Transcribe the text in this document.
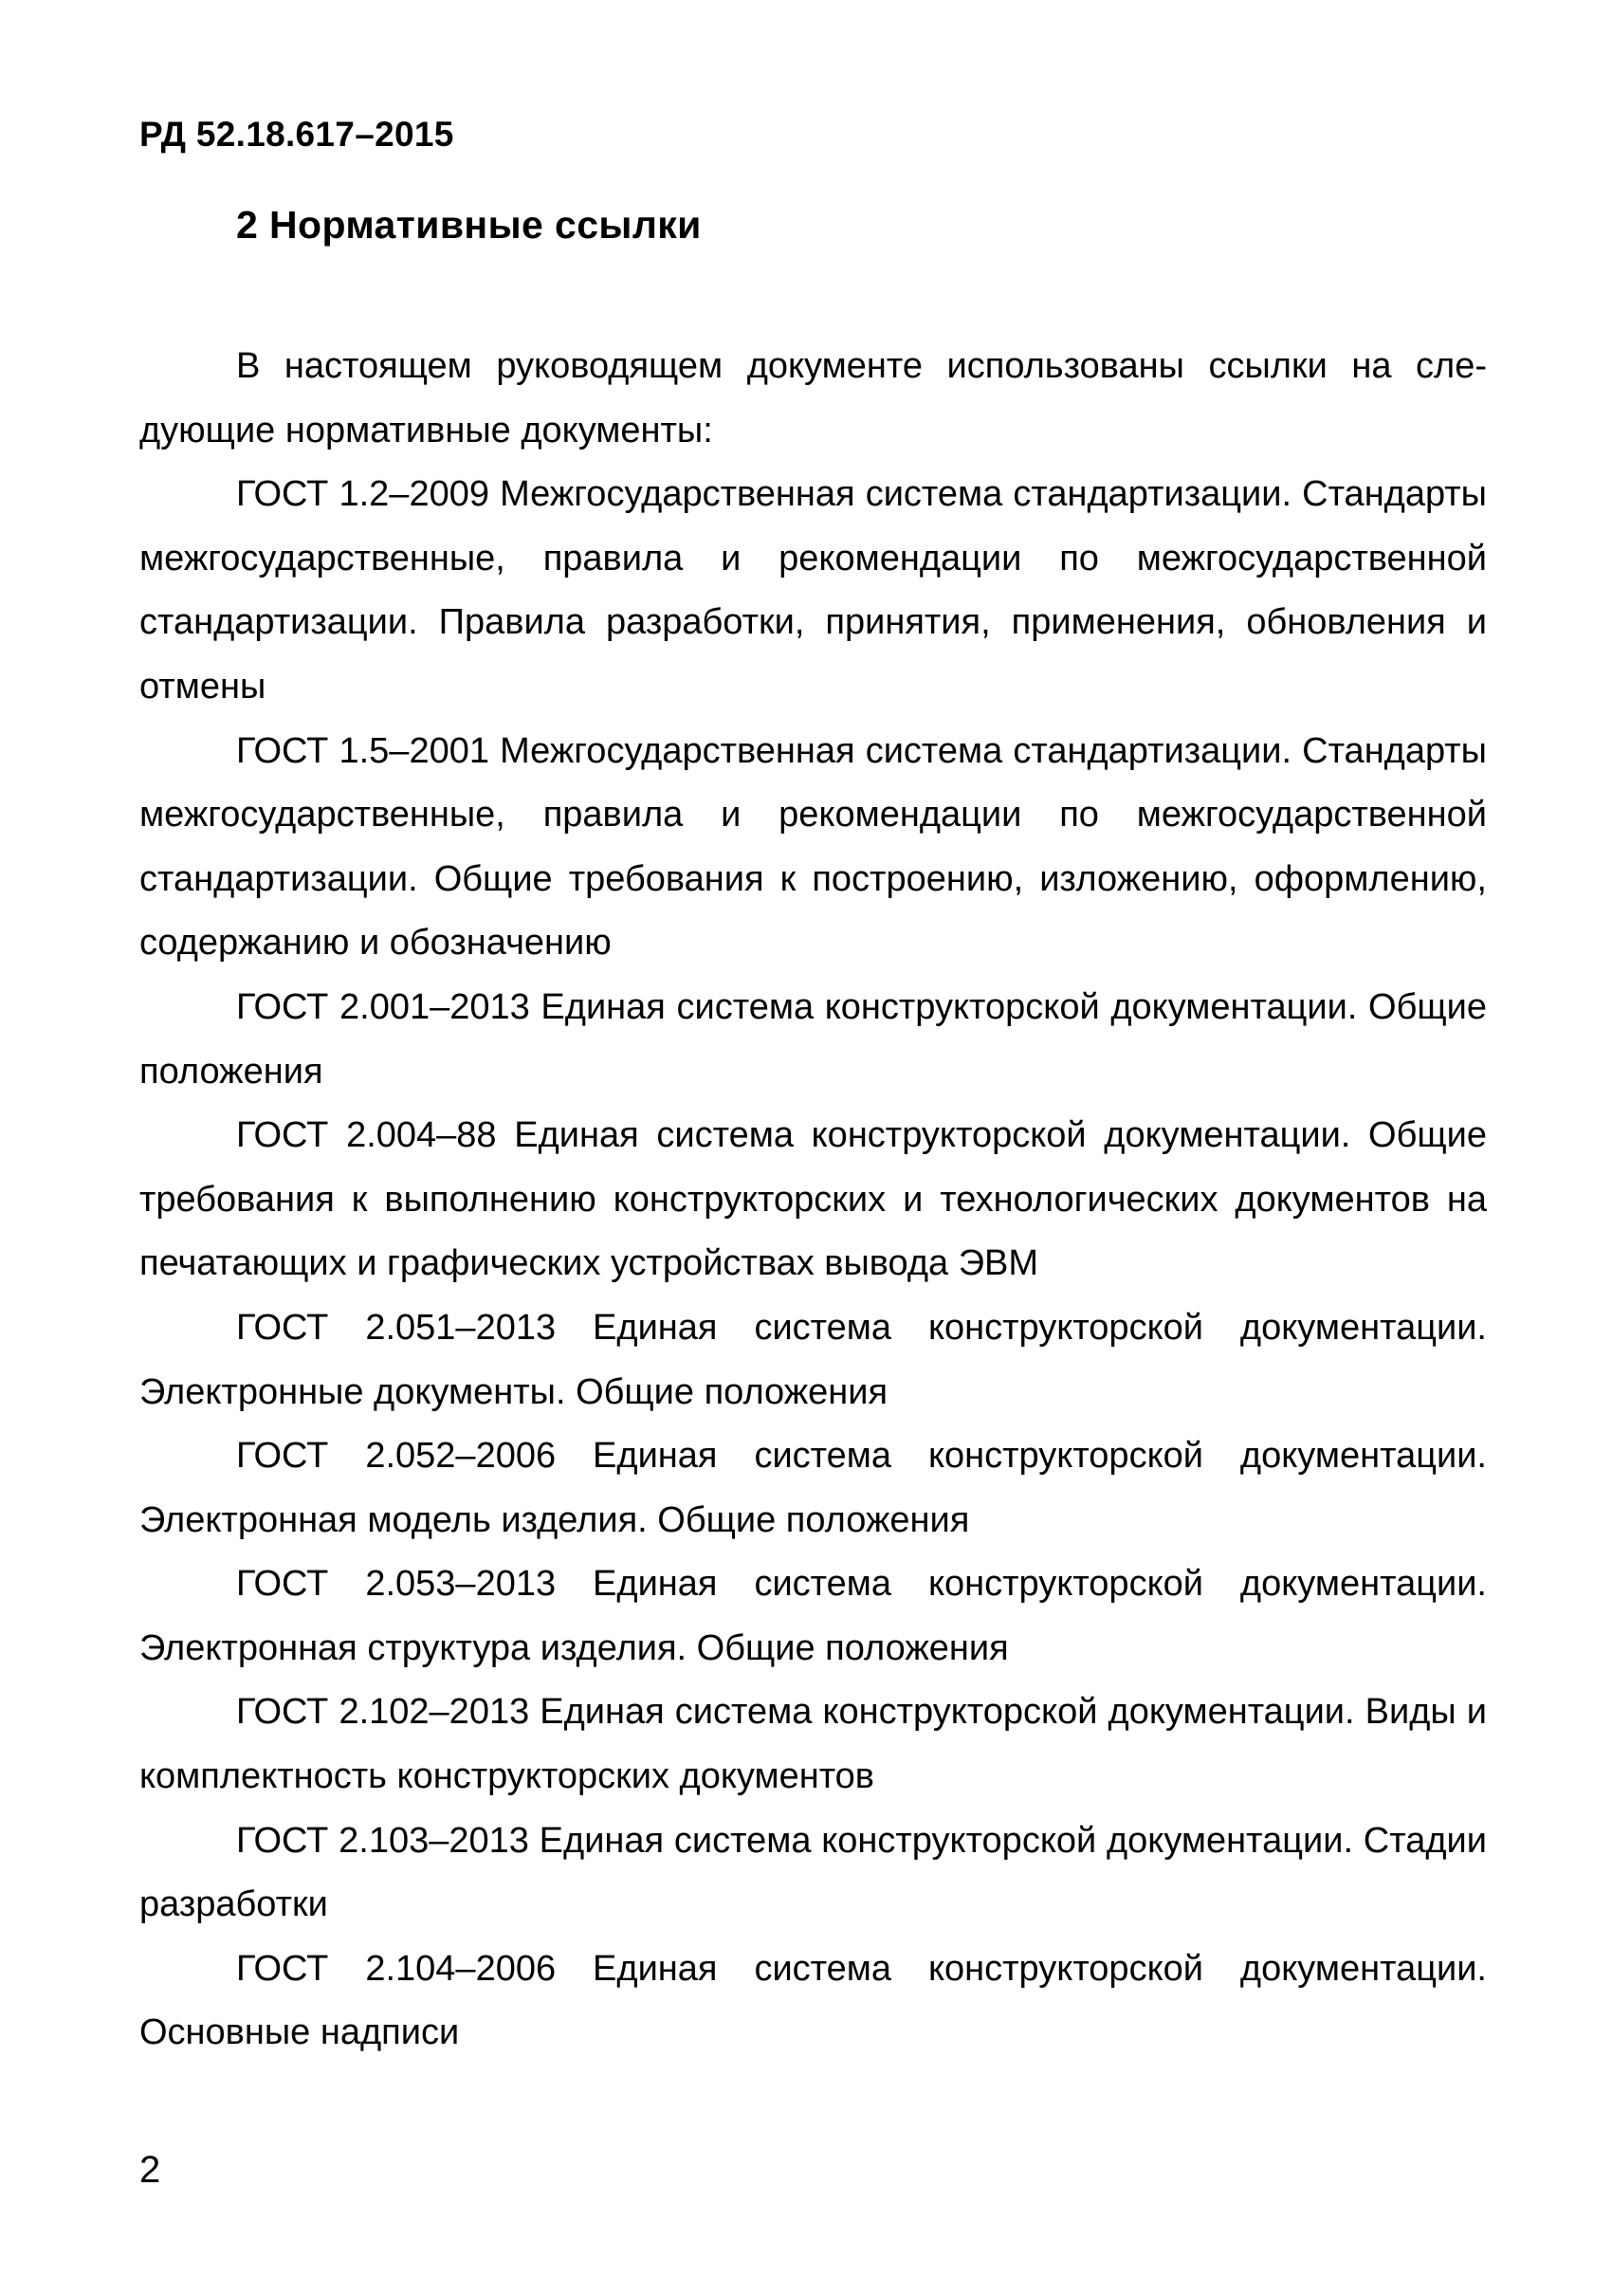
РД 52.18.617–2015
2 Нормативные ссылки

В настоящем руководящем документе использованы ссылки на следующие нормативные документы:

ГОСТ 1.2–2009 Межгосударственная система стандартизации. Стандарты межгосударственные, правила и рекомендации по межгосударственной стандартизации. Правила разработки, принятия, применения, обновления и отмены

ГОСТ 1.5–2001 Межгосударственная система стандартизации. Стандарты межгосударственные, правила и рекомендации по межгосударственной стандартизации. Общие требования к построению, изложению, оформлению, содержанию и обозначению

ГОСТ 2.001–2013 Единая система конструкторской документации. Общие положения

ГОСТ 2.004–88 Единая система конструкторской документации. Общие требования к выполнению конструкторских и технологических документов на печатающих и графических устройствах вывода ЭВМ

ГОСТ 2.051–2013 Единая система конструкторской документации. Электронные документы. Общие положения

ГОСТ 2.052–2006 Единая система конструкторской документации. Электронная модель изделия. Общие положения

ГОСТ 2.053–2013 Единая система конструкторской документации. Электронная структура изделия. Общие положения

ГОСТ 2.102–2013 Единая система конструкторской документации. Виды и комплектность конструкторских документов

ГОСТ 2.103–2013 Единая система конструкторской документации. Стадии разработки

ГОСТ 2.104–2006 Единая система конструкторской документации. Основные надписи

2
